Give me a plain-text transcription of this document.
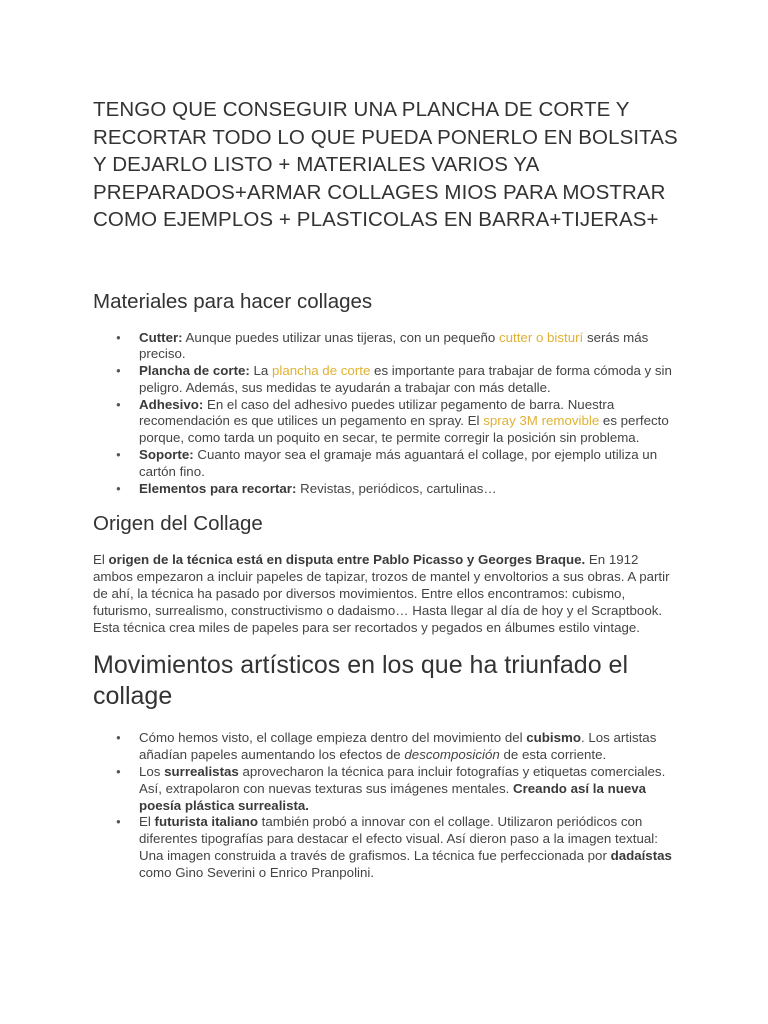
TENGO QUE CONSEGUIR UNA PLANCHA DE CORTE Y RECORTAR TODO LO QUE PUEDA PONERLO EN BOLSITAS Y DEJARLO LISTO + MATERIALES VARIOS YA PREPARADOS+ARMAR COLLAGES MIOS PARA MOSTRAR COMO EJEMPLOS + PLASTICOLAS EN BARRA+TIJERAS+
Materiales para hacer collages
● Cutter: Aunque puedes utilizar unas tijeras, con un pequeño cutter o bisturí serás más preciso.
● Plancha de corte: La plancha de corte es importante para trabajar de forma cómoda y sin peligro. Además, sus medidas te ayudarán a trabajar con más detalle.
● Adhesivo: En el caso del adhesivo puedes utilizar pegamento de barra. Nuestra recomendación es que utilices un pegamento en spray. El spray 3M removible es perfecto porque, como tarda un poquito en secar, te permite corregir la posición sin problema.
● Soporte: Cuanto mayor sea el gramaje más aguantará el collage, por ejemplo utiliza un cartón fino.
● Elementos para recortar: Revistas, periódicos, cartulinas…
Origen del Collage

El origen de la técnica está en disputa entre Pablo Picasso y Georges Braque. En 1912 ambos empezaron a incluir papeles de tapizar, trozos de mantel y envoltorios a sus obras. A partir de ahí, la técnica ha pasado por diversos movimientos. Entre ellos encontramos: cubismo, futurismo, surrealismo, constructivismo o dadaismo… Hasta llegar al día de hoy y el Scraptbook. Esta técnica crea miles de papeles para ser recortados y pegados en álbumes estilo vintage.

Movimientos artísticos en los que ha triunfado el collage
● Cómo hemos visto, el collage empieza dentro del movimiento del cubismo. Los artistas añadían papeles aumentando los efectos de descomposición de esta corriente.
● Los surrealistas aprovecharon la técnica para incluir fotografías y etiquetas comerciales. Así, extrapolaron con nuevas texturas sus imágenes mentales. Creando así la nueva poesía plástica surrealista.
● El futurista italiano también probó a innovar con el collage. Utilizaron periódicos con diferentes tipografías para destacar el efecto visual. Así dieron paso a la imagen textual: Una imagen construida a través de grafismos. La técnica fue perfeccionada por dadaístas como Gino Severini o Enrico Pranpolini.
